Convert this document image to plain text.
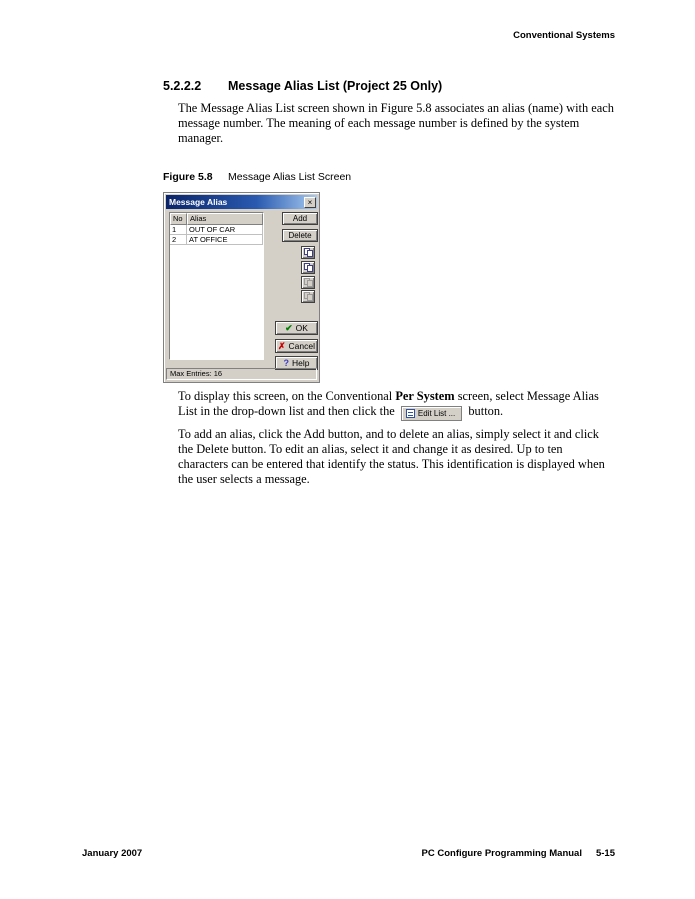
Conventional Systems
5.2.2.2 Message Alias List (Project 25 Only)

The Message Alias List screen shown in Figure 5.8 associates an alias (name) with each message number. The meaning of each message number is defined by the system manager.

Figure 5.8 Message Alias List Screen
Message Alias	×
No Alias
1	OUT OF CAR
2	AT OFFICE
Add
Delete
✔ OK
✗ Cancel
? Help
Max Entries: 16

To display this screen, on the Conventional Per System screen, select Message Alias List in the drop-down list and then click the	Edit List ... button.

To add an alias, click the Add button, and to delete an alias, simply select it and click the Delete button. To edit an alias, select it and change it as desired. Up to ten characters can be entered that identify the status. This identification is displayed when the user selects a message.

January 2007	PC Configure Programming Manual 5-15
